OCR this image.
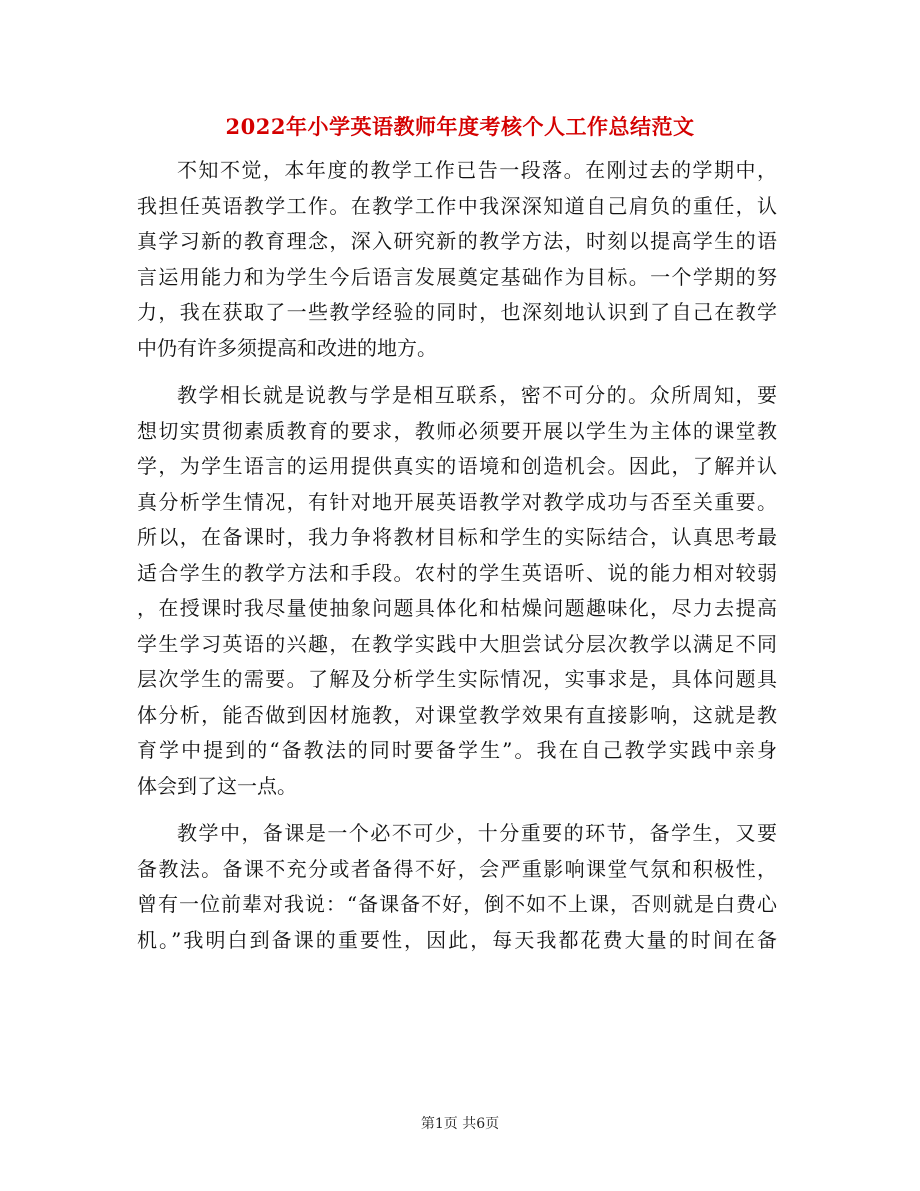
2022年小学英语教师年度考核个人工作总结范文
不知不觉，本年度的教学工作已告一段落。在刚过去的学期中，
我担任英语教学工作。在教学工作中我深深知道自己肩负的重任，认
真学习新的教育理念，深入研究新的教学方法，时刻以提高学生的语
言运用能力和为学生今后语言发展奠定基础作为目标。一个学期的努
力，我在获取了一些教学经验的同时，也深刻地认识到了自己在教学
中仍有许多须提高和改进的地方。
教学相长就是说教与学是相互联系，密不可分的。众所周知，要
想切实贯彻素质教育的要求，教师必须要开展以学生为主体的课堂教
学，为学生语言的运用提供真实的语境和创造机会。因此，了解并认
真分析学生情况，有针对地开展英语教学对教学成功与否至关重要。
所以，在备课时，我力争将教材目标和学生的实际结合，认真思考最
适合学生的教学方法和手段。农村的学生英语听、说的能力相对较弱
，在授课时我尽量使抽象问题具体化和枯燥问题趣味化，尽力去提高
学生学习英语的兴趣，在教学实践中大胆尝试分层次教学以满足不同
层次学生的需要。了解及分析学生实际情况，实事求是，具体问题具
体分析，能否做到因材施教，对课堂教学效果有直接影响，这就是教
育学中提到的“备教法的同时要备学生”。我在自己教学实践中亲身
体会到了这一点。
教学中，备课是一个必不可少，十分重要的环节，备学生，又要
备教法。备课不充分或者备得不好，会严重影响课堂气氛和积极性，
曾有一位前辈对我说：“备课备不好，倒不如不上课，否则就是白费心
机。”我明白到备课的重要性，因此，每天我都花费大量的时间在备
第1页 共6页
